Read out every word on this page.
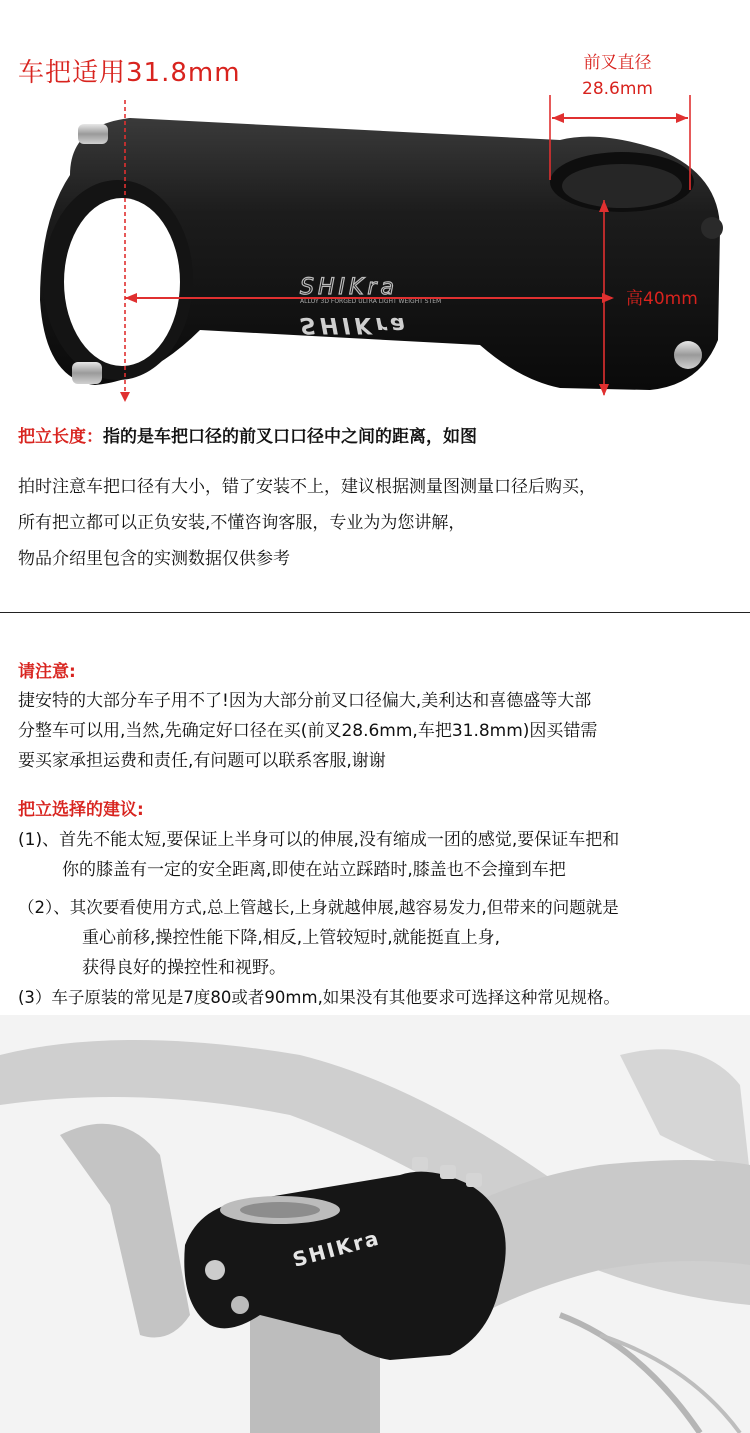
SHIKra
ALLOY 3D FORGED ULTRA LIGHT WEIGHT STEM
SHIKra
车把适用31.8mm	前叉直径
28.6mm
高40mm
把立长度：指的是车把口径的前叉口口径中之间的距离，如图
拍时注意车把口径有大小，错了安装不上，建议根据测量图测量口径后购买，
所有把立都可以正负安装,不懂咨询客服，专业为为您讲解，
物品介绍里包含的实测数据仅供参考
请注意:
捷安特的大部分车子用不了!因为大部分前叉口径偏大,美利达和喜德盛等大部
分整车可以用,当然,先确定好口径在买(前叉28.6mm,车把31.8mm)因买错需
要买家承担运费和责任,有问题可以联系客服,谢谢
把立选择的建议:
(1)、首先不能太短,要保证上半身可以的伸展,没有缩成一团的感觉,要保证车把和
你的膝盖有一定的安全距离,即使在站立踩踏时,膝盖也不会撞到车把
（2）、其次要看使用方式,总上管越长,上身就越伸展,越容易发力,但带来的问题就是
重心前移,操控性能下降,相反,上管较短时,就能挺直上身,
获得良好的操控性和视野。
(3）车子原装的常见是7度80或者90mm,如果没有其他要求可选择这种常见规格。
SHIKra
